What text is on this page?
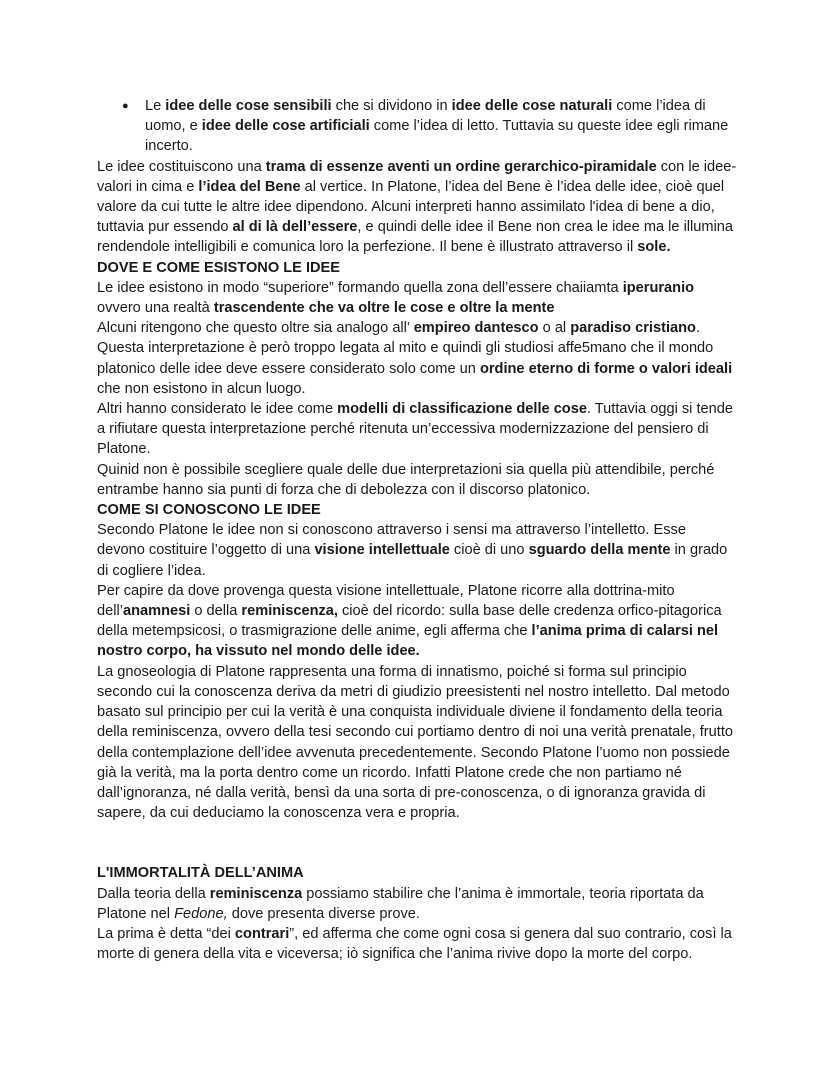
● Le idee delle cose sensibili che si dividono in idee delle cose naturali come l’idea di uomo, e idee delle cose artificiali come l’idea di letto. Tuttavia su queste idee egli rimane incerto.

Le idee costituiscono una trama di essenze aventi un ordine gerarchico-piramidale con le idee-valori in cima e l’idea del Bene al vertice. In Platone, l’idea del Bene è l’idea delle idee, cioè quel valore da cui tutte le altre idee dipendono. Alcuni interpreti hanno assimilato l'idea di bene a dio, tuttavia pur essendo al di là dell’essere, e quindi delle idee il Bene non crea le idee ma le illumina rendendole intelligibili e comunica loro la perfezione. Il bene è illustrato attraverso il sole.

DOVE E COME ESISTONO LE IDEE

Le idee esistono in modo “superiore” formando quella zona dell’essere chaiiamta iperuranio ovvero una realtà trascendente che va oltre le cose e oltre la mente

Alcuni ritengono che questo oltre sia analogo all’ empireo dantesco o al paradiso cristiano. Questa interpretazione è però troppo legata al mito e quindi gli studiosi affe5mano che il mondo platonico delle idee deve essere considerato solo come un ordine eterno di forme o valori ideali che non esistono in alcun luogo.

Altri hanno considerato le idee come modelli di classificazione delle cose. Tuttavia oggi si tende a rifiutare questa interpretazione perché ritenuta un’eccessiva modernizzazione del pensiero di Platone.

Quinid non è possibile scegliere quale delle due interpretazioni sia quella più attendibile, perché entrambe hanno sia punti di forza che di debolezza con il discorso platonico.

COME SI CONOSCONO LE IDEE

Secondo Platone le idee non si conoscono attraverso i sensi ma attraverso l’intelletto. Esse devono costituire l’oggetto di una visione intellettuale cioè di uno sguardo della mente in grado di cogliere l’idea.

Per capire da dove provenga questa visione intellettuale, Platone ricorre alla dottrina-mito dell’anamnesi o della reminiscenza, cioè del ricordo: sulla base delle credenza orfico-pitagorica della metempsicosi, o trasmigrazione delle anime, egli afferma che l’anima prima di calarsi nel nostro corpo, ha vissuto nel mondo delle idee.

La gnoseologia di Platone rappresenta una forma di innatismo, poiché si forma sul principio secondo cui la conoscenza deriva da metri di giudizio preesistenti nel nostro intelletto. Dal metodo basato sul principio per cui la verità è una conquista individuale diviene il fondamento della teoria della reminiscenza, ovvero della tesi secondo cui portiamo dentro di noi una verità prenatale, frutto della contemplazione dell’idee avvenuta precedentemente. Secondo Platone l’uomo non possiede già la verità, ma la porta dentro come un ricordo. Infatti Platone crede che non partiamo né dall’ignoranza, né dalla verità, bensì da una sorta di pre-conoscenza, o di ignoranza gravida di sapere, da cui deduciamo la conoscenza vera e propria.

L'IMMORTALITÀ DELL’ANIMA

Dalla teoria della reminiscenza possiamo stabilire che l’anima è immortale, teoria riportata da Platone nel Fedone, dove presenta diverse prove.

La prima è detta “dei contrari”, ed afferma che come ogni cosa si genera dal suo contrario, così la morte di genera della vita e viceversa; iò significa che l’anima rivive dopo la morte del corpo.
